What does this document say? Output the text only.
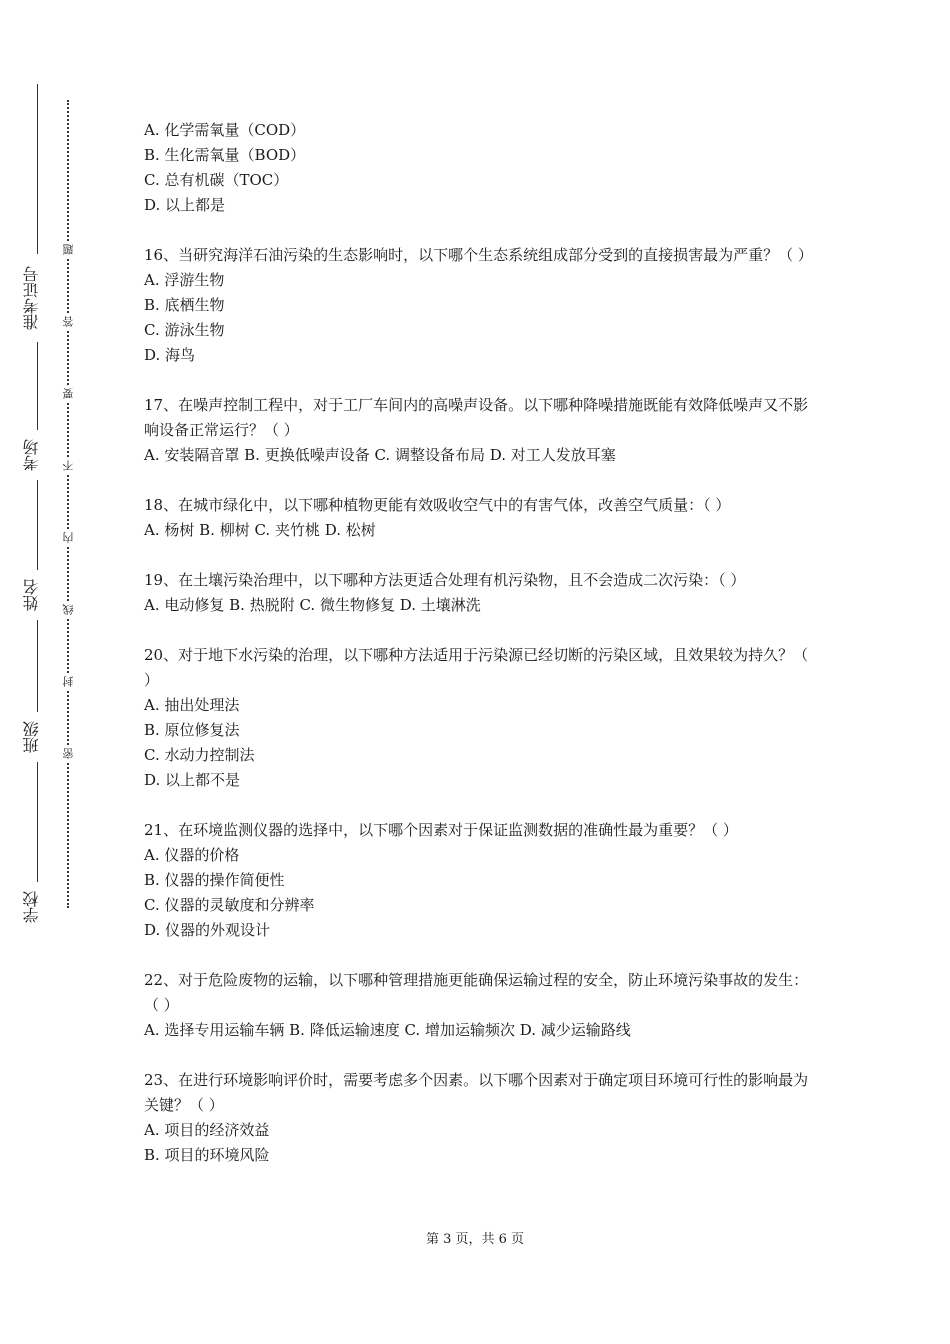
准考证号
考场
姓名
班级
学校
题
答
要
不
内
线
封
密
A. 化学需氧量（COD）
B. 生化需氧量（BOD）
C. 总有机碳（TOC）
D. 以上都是
16、当研究海洋石油污染的生态影响时，以下哪个生态系统组成部分受到的直接损害最为严重？（ ）
A. 浮游生物
B. 底栖生物
C. 游泳生物
D. 海鸟
17、在噪声控制工程中，对于工厂车间内的高噪声设备。以下哪种降噪措施既能有效降低噪声又不影响设备正常运行？（ ）
A. 安装隔音罩 B. 更换低噪声设备 C. 调整设备布局 D. 对工人发放耳塞
18、在城市绿化中，以下哪种植物更能有效吸收空气中的有害气体，改善空气质量：（ ）
A. 杨树 B. 柳树 C. 夹竹桃 D. 松树
19、在土壤污染治理中，以下哪种方法更适合处理有机污染物，且不会造成二次污染：（ ）
A. 电动修复 B. 热脱附 C. 微生物修复 D. 土壤淋洗
20、对于地下水污染的治理，以下哪种方法适用于污染源已经切断的污染区域，且效果较为持久？（ ）
A. 抽出处理法
B. 原位修复法
C. 水动力控制法
D. 以上都不是
21、在环境监测仪器的选择中，以下哪个因素对于保证监测数据的准确性最为重要？（ ）
A. 仪器的价格
B. 仪器的操作简便性
C. 仪器的灵敏度和分辨率
D. 仪器的外观设计
22、对于危险废物的运输，以下哪种管理措施更能确保运输过程的安全，防止环境污染事故的发生：（ ）
A. 选择专用运输车辆 B. 降低运输速度 C. 增加运输频次 D. 减少运输路线
23、在进行环境影响评价时，需要考虑多个因素。以下哪个因素对于确定项目环境可行性的影响最为关键？（ ）
A. 项目的经济效益
B. 项目的环境风险
第 3 页，共 6 页
